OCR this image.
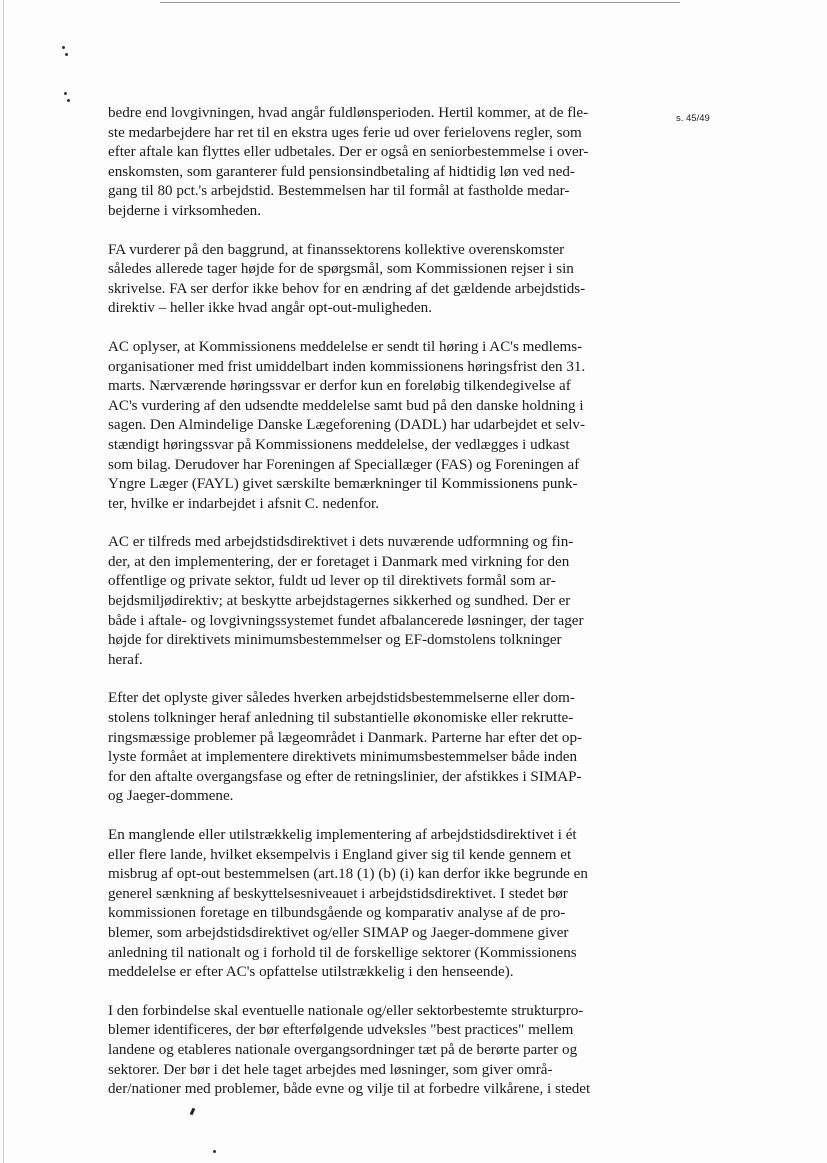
s. 45/49

bedre end lovgivningen, hvad angår fuldlønsperioden. Hertil kommer, at de fle-
ste medarbejdere har ret til en ekstra uges ferie ud over ferielovens regler, som
efter aftale kan flyttes eller udbetales. Der er også en seniorbestemmelse i over-
enskomsten, som garanterer fuld pensionsindbetaling af hidtidig løn ved ned-
gang til 80 pct.'s arbejdstid. Bestemmelsen har til formål at fastholde medar-
bejderne i virksomheden.

FA vurderer på den baggrund, at finanssektorens kollektive overenskomster
således allerede tager højde for de spørgsmål, som Kommissionen rejser i sin
skrivelse. FA ser derfor ikke behov for en ændring af det gældende arbejdstids-
direktiv – heller ikke hvad angår opt-out-muligheden.

AC oplyser, at Kommissionens meddelelse er sendt til høring i AC's medlems-
organisationer med frist umiddelbart inden kommissionens høringsfrist den 31.
marts. Nærværende høringssvar er derfor kun en foreløbig tilkendegivelse af
AC's vurdering af den udsendte meddelelse samt bud på den danske holdning i
sagen. Den Almindelige Danske Lægeforening (DADL) har udarbejdet et selv-
stændigt høringssvar på Kommissionens meddelelse, der vedlægges i udkast
som bilag. Derudover har Foreningen af Speciallæger (FAS) og Foreningen af
Yngre Læger (FAYL) givet særskilte bemærkninger til Kommissionens punk-
ter, hvilke er indarbejdet i afsnit C. nedenfor.

AC er tilfreds med arbejdstidsdirektivet i dets nuværende udformning og fin-
der, at den implementering, der er foretaget i Danmark med virkning for den
offentlige og private sektor, fuldt ud lever op til direktivets formål som ar-
bejdsmiljødirektiv; at beskytte arbejdstagernes sikkerhed og sundhed. Der er
både i aftale- og lovgivningssystemet fundet afbalancerede løsninger, der tager
højde for direktivets minimumsbestemmelser og EF-domstolens tolkninger
heraf.

Efter det oplyste giver således hverken arbejdstidsbestemmelserne eller dom-
stolens tolkninger heraf anledning til substantielle økonomiske eller rekrutte-
ringsmæssige problemer på lægeområdet i Danmark. Parterne har efter det op-
lyste formået at implementere direktivets minimumsbestemmelser både inden
for den aftalte overgangsfase og efter de retningslinier, der afstikkes i SIMAP-
og Jaeger-dommene.

En manglende eller utilstrækkelig implementering af arbejdstidsdirektivet i ét
eller flere lande, hvilket eksempelvis i England giver sig til kende gennem et
misbrug af opt-out bestemmelsen (art.18 (1) (b) (i) kan derfor ikke begrunde en
generel sænkning af beskyttelsesniveauet i arbejdstidsdirektivet. I stedet bør
kommissionen foretage en tilbundsgående og komparativ analyse af de pro-
blemer, som arbejdstidsdirektivet og/eller SIMAP og Jaeger-dommene giver
anledning til nationalt og i forhold til de forskellige sektorer (Kommissionens
meddelelse er efter AC's opfattelse utilstrækkelig i den henseende).

I den forbindelse skal eventuelle nationale og/eller sektorbestemte strukturpro-
blemer identificeres, der bør efterfølgende udveksles "best practices" mellem
landene og etableres nationale overgangsordninger tæt på de berørte parter og
sektorer. Der bør i det hele taget arbejdes med løsninger, som giver områ-
der/nationer med problemer, både evne og vilje til at forbedre vilkårene, i stedet
